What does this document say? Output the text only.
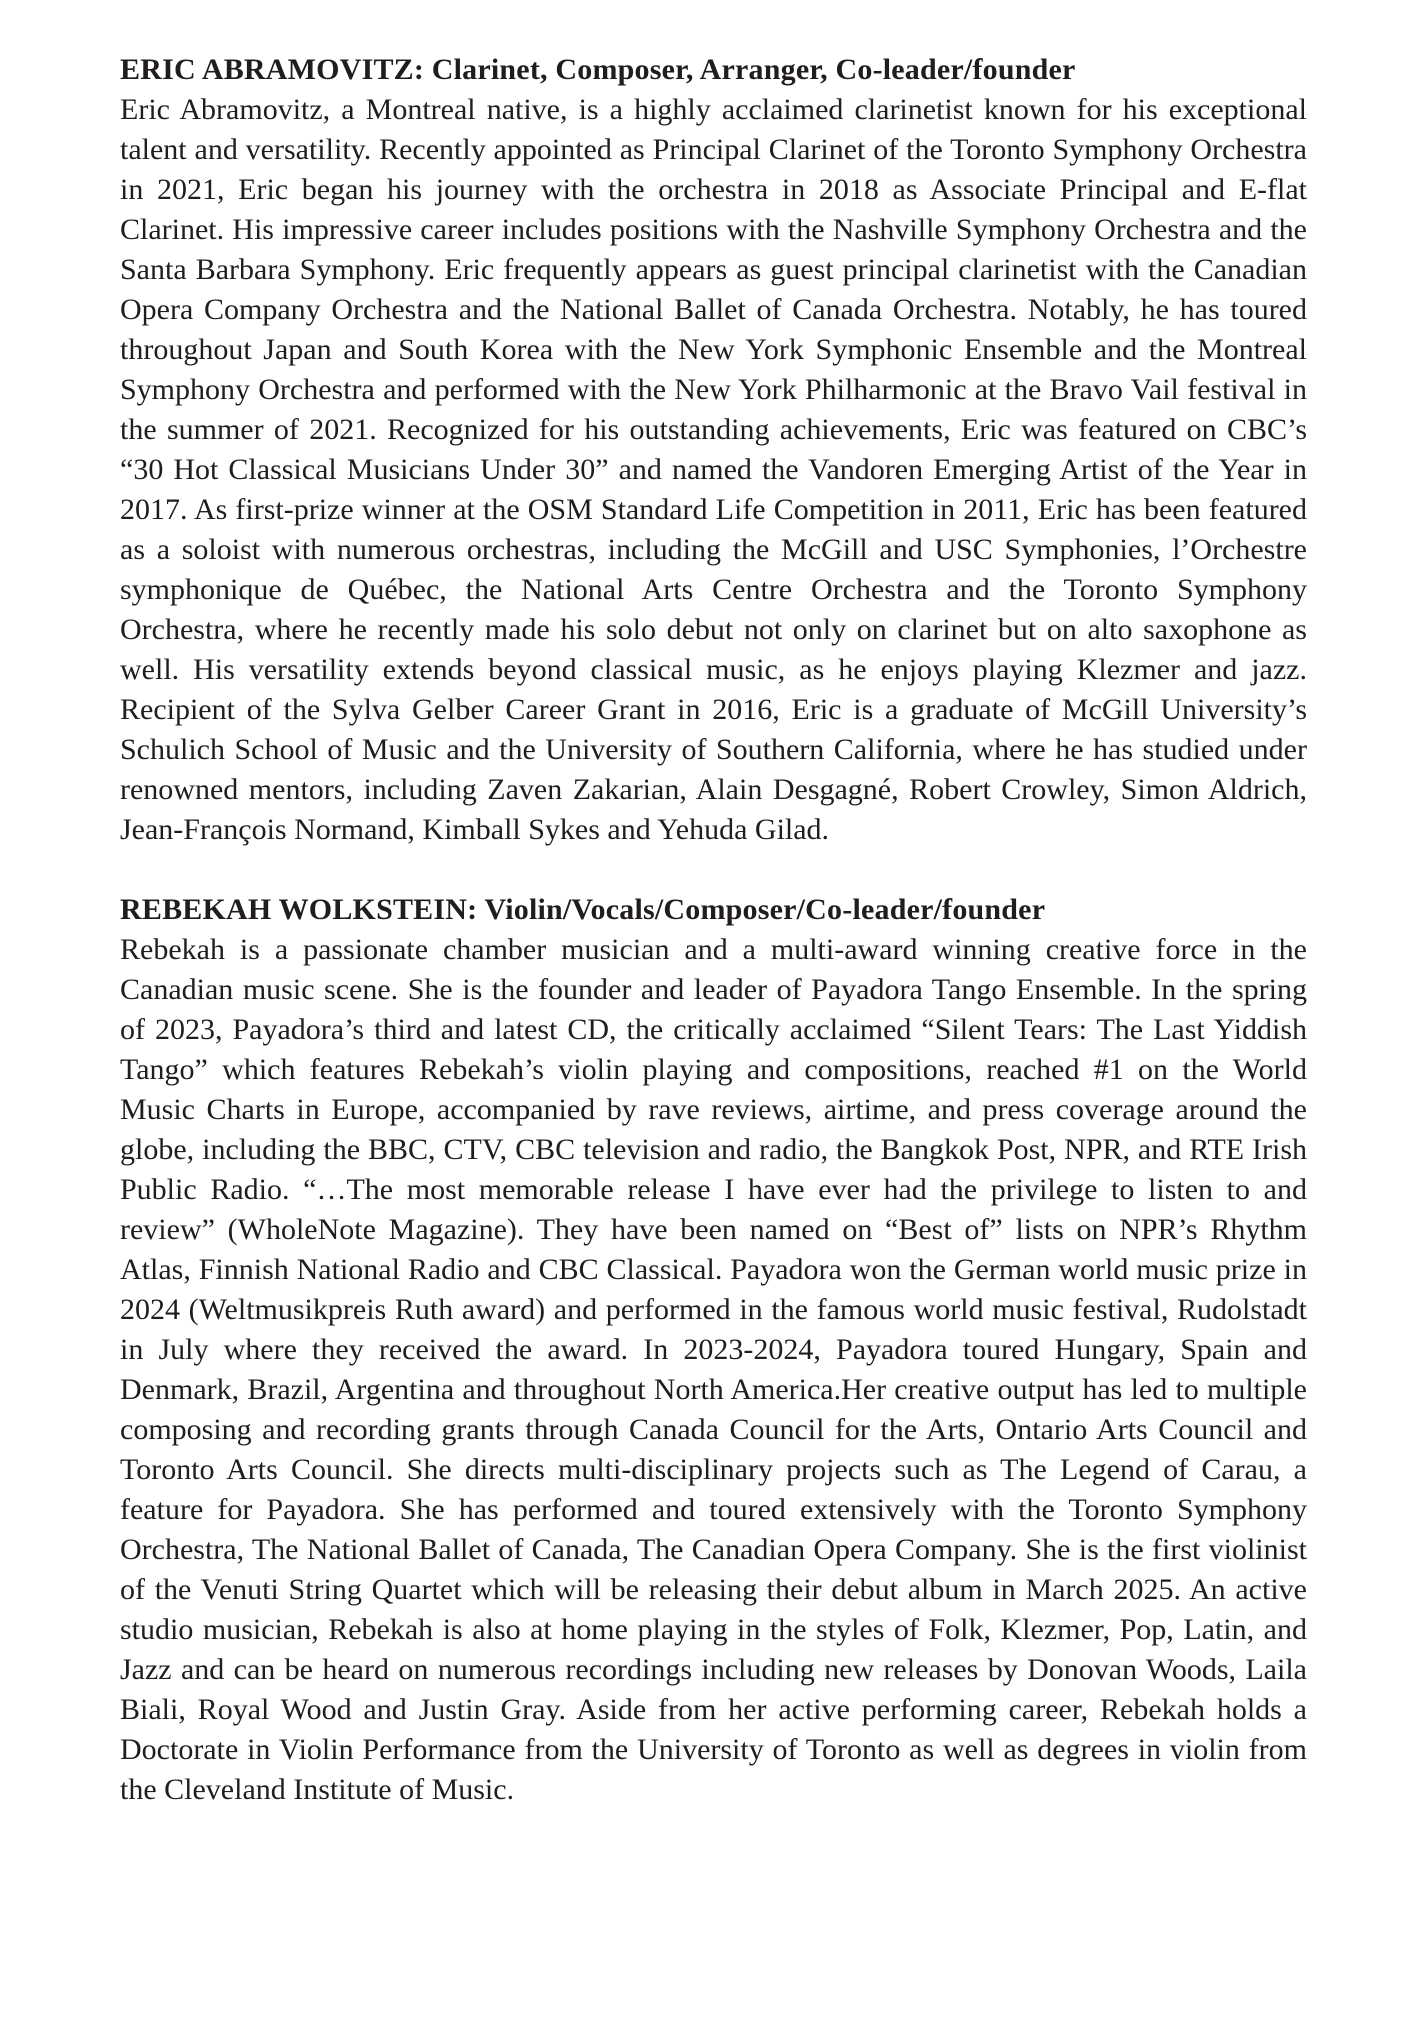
ERIC ABRAMOVITZ: Clarinet, Composer, Arranger, Co-leader/founder

Eric Abramovitz, a Montreal native, is a highly acclaimed clarinetist known for his exceptional talent and versatility. Recently appointed as Principal Clarinet of the Toronto Symphony Orchestra in 2021, Eric began his journey with the orchestra in 2018 as Associate Principal and E-flat Clarinet. His impressive career includes positions with the Nashville Symphony Orchestra and the Santa Barbara Symphony. Eric frequently appears as guest principal clarinetist with the Canadian Opera Company Orchestra and the National Ballet of Canada Orchestra. Notably, he has toured throughout Japan and South Korea with the New York Symphonic Ensemble and the Montreal Symphony Orchestra and performed with the New York Philharmonic at the Bravo Vail festival in the summer of 2021. Recognized for his outstanding achievements, Eric was featured on CBC’s “30 Hot Classical Musicians Under 30” and named the Vandoren Emerging Artist of the Year in 2017. As first-prize winner at the OSM Standard Life Competition in 2011, Eric has been featured as a soloist with numerous orchestras, including the McGill and USC Symphonies, l’Orchestre symphonique de Québec, the National Arts Centre Orchestra and the Toronto Symphony Orchestra, where he recently made his solo debut not only on clarinet but on alto saxophone as well. His versatility extends beyond classical music, as he enjoys playing Klezmer and jazz. Recipient of the Sylva Gelber Career Grant in 2016, Eric is a graduate of McGill University’s Schulich School of Music and the University of Southern California, where he has studied under renowned mentors, including Zaven Zakarian, Alain Desgagné, Robert Crowley, Simon Aldrich, Jean-François Normand, Kimball Sykes and Yehuda Gilad.

REBEKAH WOLKSTEIN: Violin/Vocals/Composer/Co-leader/founder

Rebekah is a passionate chamber musician and a multi-award winning creative force in the Canadian music scene. She is the founder and leader of Payadora Tango Ensemble. In the spring of 2023, Payadora’s third and latest CD, the critically acclaimed “Silent Tears: The Last Yiddish Tango” which features Rebekah’s violin playing and compositions, reached #1 on the World Music Charts in Europe, accompanied by rave reviews, airtime, and press coverage around the globe, including the BBC, CTV, CBC television and radio, the Bangkok Post, NPR, and RTE Irish Public Radio. “…The most memorable release I have ever had the privilege to listen to and review” (WholeNote Magazine). They have been named on “Best of” lists on NPR’s Rhythm Atlas, Finnish National Radio and CBC Classical. Payadora won the German world music prize in 2024 (Weltmusikpreis Ruth award) and performed in the famous world music festival, Rudolstadt in July where they received the award. In 2023-2024, Payadora toured Hungary, Spain and Denmark, Brazil, Argentina and throughout North America.Her creative output has led to multiple composing and recording grants through Canada Council for the Arts, Ontario Arts Council and Toronto Arts Council. She directs multi-disciplinary projects such as The Legend of Carau, a feature for Payadora. She has performed and toured extensively with the Toronto Symphony Orchestra, The National Ballet of Canada, The Canadian Opera Company. She is the first violinist of the Venuti String Quartet which will be releasing their debut album in March 2025. An active studio musician, Rebekah is also at home playing in the styles of Folk, Klezmer, Pop, Latin, and Jazz and can be heard on numerous recordings including new releases by Donovan Woods, Laila Biali, Royal Wood and Justin Gray. Aside from her active performing career, Rebekah holds a Doctorate in Violin Performance from the University of Toronto as well as degrees in violin from the Cleveland Institute of Music.
